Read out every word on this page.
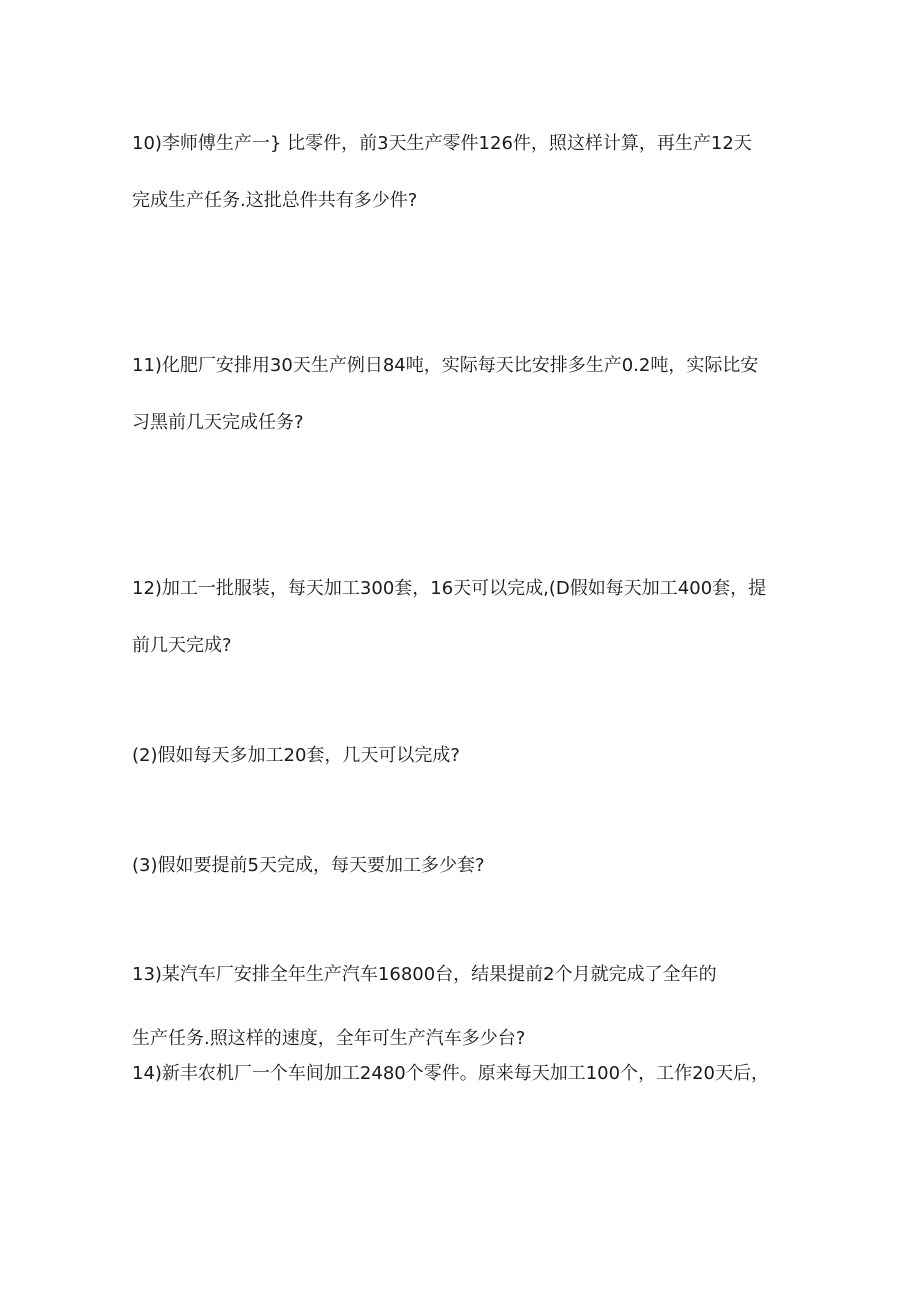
10)李师傅生产一} 比零件，前3天生产零件126件，照这样计算，再生产12天
完成生产任务.这批总件共有多少件?
11)化肥厂安排用30天生产例日84吨，实际每天比安排多生产0.2吨，实际比安
习黑前几天完成任务?
12)加工一批服装，每天加工300套，16天可以完成,(D假如每天加工400套，提
前几天完成?
(2)假如每天多加工20套，几天可以完成?
(3)假如要提前5天完成，每天要加工多少套?
13)某汽车厂安排全年生产汽车16800台，结果提前2个月就完成了全年的
生产任务.照这样的速度，全年可生产汽车多少台?
14)新丰农机厂一个车间加工2480个零件。原来每天加工100个，工作20天后，
